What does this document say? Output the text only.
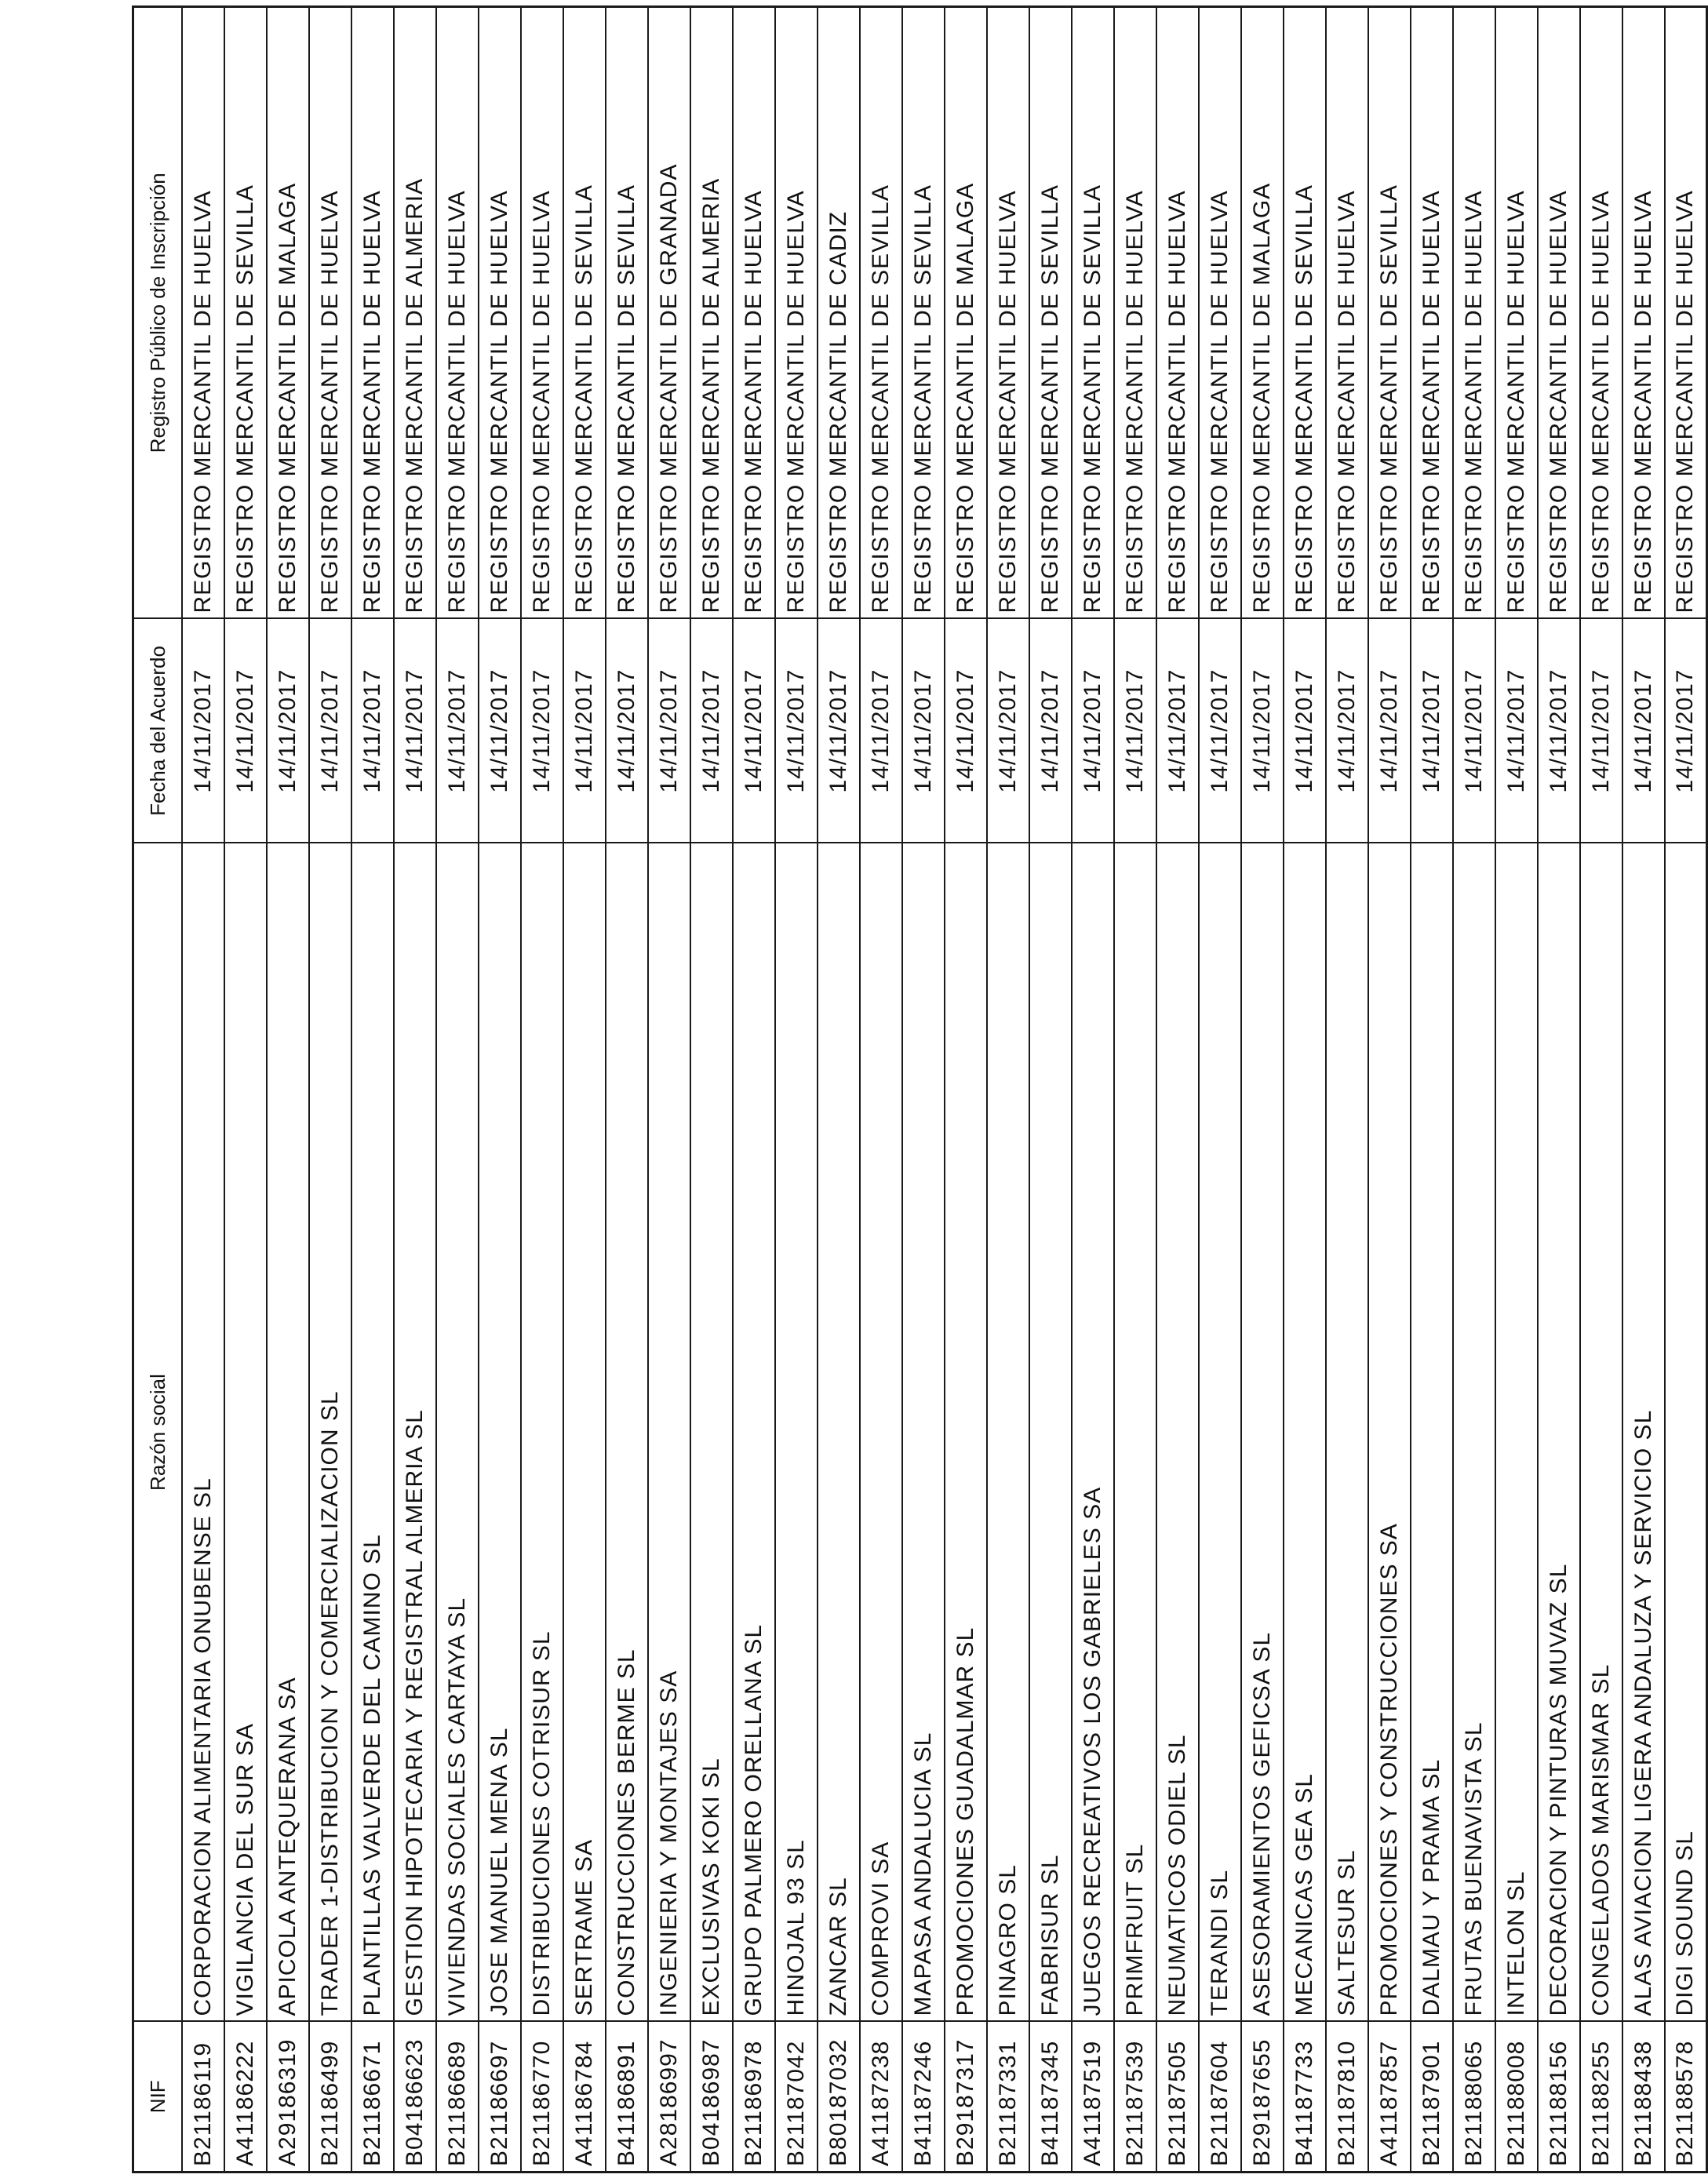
NIF	Razón social	Fecha del Acuerdo	Registro Público de Inscripción
B21186119	CORPORACION ALIMENTARIA ONUBENSE SL	14/11/2017	REGISTRO MERCANTIL DE HUELVA
A41186222	VIGILANCIA DEL SUR SA	14/11/2017	REGISTRO MERCANTIL DE SEVILLA
A29186319	APICOLA ANTEQUERANA SA	14/11/2017	REGISTRO MERCANTIL DE MALAGA
B21186499	TRADER 1-DISTRIBUCION Y COMERCIALIZACION SL	14/11/2017	REGISTRO MERCANTIL DE HUELVA
B21186671	PLANTILLAS VALVERDE DEL CAMINO SL	14/11/2017	REGISTRO MERCANTIL DE HUELVA
B04186623	GESTION HIPOTECARIA Y REGISTRAL ALMERIA SL	14/11/2017	REGISTRO MERCANTIL DE ALMERIA
B21186689	VIVIENDAS SOCIALES CARTAYA SL	14/11/2017	REGISTRO MERCANTIL DE HUELVA
B21186697	JOSE MANUEL MENA SL	14/11/2017	REGISTRO MERCANTIL DE HUELVA
B21186770	DISTRIBUCIONES COTRISUR SL	14/11/2017	REGISTRO MERCANTIL DE HUELVA
A41186784	SERTRAME SA	14/11/2017	REGISTRO MERCANTIL DE SEVILLA
B41186891	CONSTRUCCIONES BERME SL	14/11/2017	REGISTRO MERCANTIL DE SEVILLA
A28186997	INGENIERIA Y MONTAJES SA	14/11/2017	REGISTRO MERCANTIL DE GRANADA
B04186987	EXCLUSIVAS KOKI SL	14/11/2017	REGISTRO MERCANTIL DE ALMERIA
B21186978	GRUPO PALMERO ORELLANA SL	14/11/2017	REGISTRO MERCANTIL DE HUELVA
B21187042	HINOJAL 93 SL	14/11/2017	REGISTRO MERCANTIL DE HUELVA
B80187032	ZANCAR SL	14/11/2017	REGISTRO MERCANTIL DE CADIZ
A41187238	COMPROVI SA	14/11/2017	REGISTRO MERCANTIL DE SEVILLA
B41187246	MAPASA ANDALUCIA SL	14/11/2017	REGISTRO MERCANTIL DE SEVILLA
B29187317	PROMOCIONES GUADALMAR SL	14/11/2017	REGISTRO MERCANTIL DE MALAGA
B21187331	PINAGRO SL	14/11/2017	REGISTRO MERCANTIL DE HUELVA
B41187345	FABRISUR SL	14/11/2017	REGISTRO MERCANTIL DE SEVILLA
A41187519	JUEGOS RECREATIVOS LOS GABRIELES SA	14/11/2017	REGISTRO MERCANTIL DE SEVILLA
B21187539	PRIMFRUIT SL	14/11/2017	REGISTRO MERCANTIL DE HUELVA
B21187505	NEUMATICOS ODIEL SL	14/11/2017	REGISTRO MERCANTIL DE HUELVA
B21187604	TERANDI SL	14/11/2017	REGISTRO MERCANTIL DE HUELVA
B29187655	ASESORAMIENTOS GEFICSA SL	14/11/2017	REGISTRO MERCANTIL DE MALAGA
B41187733	MECANICAS GEA SL	14/11/2017	REGISTRO MERCANTIL DE SEVILLA
B21187810	SALTESUR SL	14/11/2017	REGISTRO MERCANTIL DE HUELVA
A41187857	PROMOCIONES Y CONSTRUCCIONES SA	14/11/2017	REGISTRO MERCANTIL DE SEVILLA
B21187901	DALMAU Y PRAMA SL	14/11/2017	REGISTRO MERCANTIL DE HUELVA
B21188065	FRUTAS BUENAVISTA SL	14/11/2017	REGISTRO MERCANTIL DE HUELVA
B21188008	INTELON SL	14/11/2017	REGISTRO MERCANTIL DE HUELVA
B21188156	DECORACION Y PINTURAS MUVAZ SL	14/11/2017	REGISTRO MERCANTIL DE HUELVA
B21188255	CONGELADOS MARISMAR SL	14/11/2017	REGISTRO MERCANTIL DE HUELVA
B21188438	ALAS AVIACION LIGERA ANDALUZA Y SERVICIO SL	14/11/2017	REGISTRO MERCANTIL DE HUELVA
B21188578	DIGI SOUND SL	14/11/2017	REGISTRO MERCANTIL DE HUELVA
